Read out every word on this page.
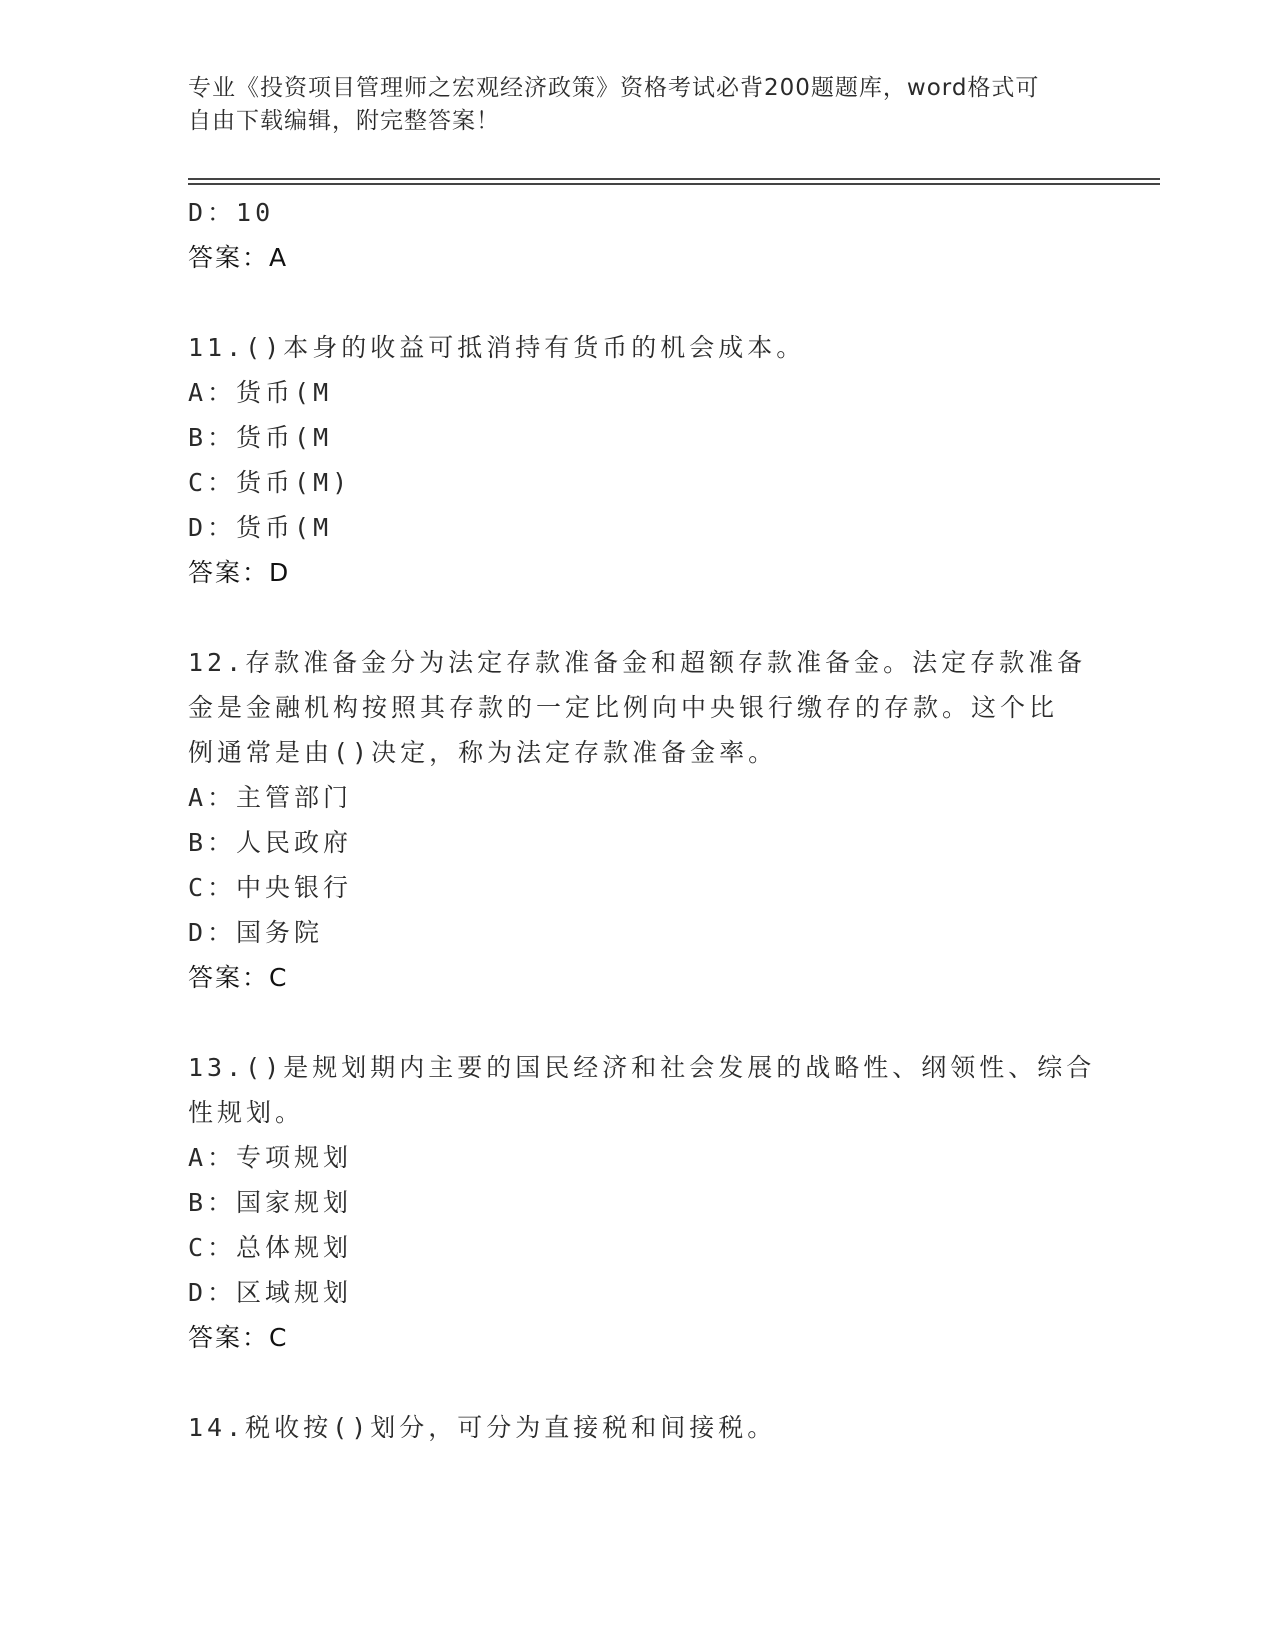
专业《投资项目管理师之宏观经济政策》资格考试必背200题题库，word格式可
自由下载编辑，附完整答案！
D：10
答案：A
11.()本身的收益可抵消持有货币的机会成本。
A：货币(M
B：货币(M
C：货币(M)
D：货币(M
答案：D
12.存款准备金分为法定存款准备金和超额存款准备金。法定存款准备
金是金融机构按照其存款的一定比例向中央银行缴存的存款。这个比
例通常是由()决定，称为法定存款准备金率。
A：主管部门
B：人民政府
C：中央银行
D：国务院
答案：C
13.()是规划期内主要的国民经济和社会发展的战略性、纲领性、综合
性规划。
A：专项规划
B：国家规划
C：总体规划
D：区域规划
答案：C
14.税收按()划分，可分为直接税和间接税。
